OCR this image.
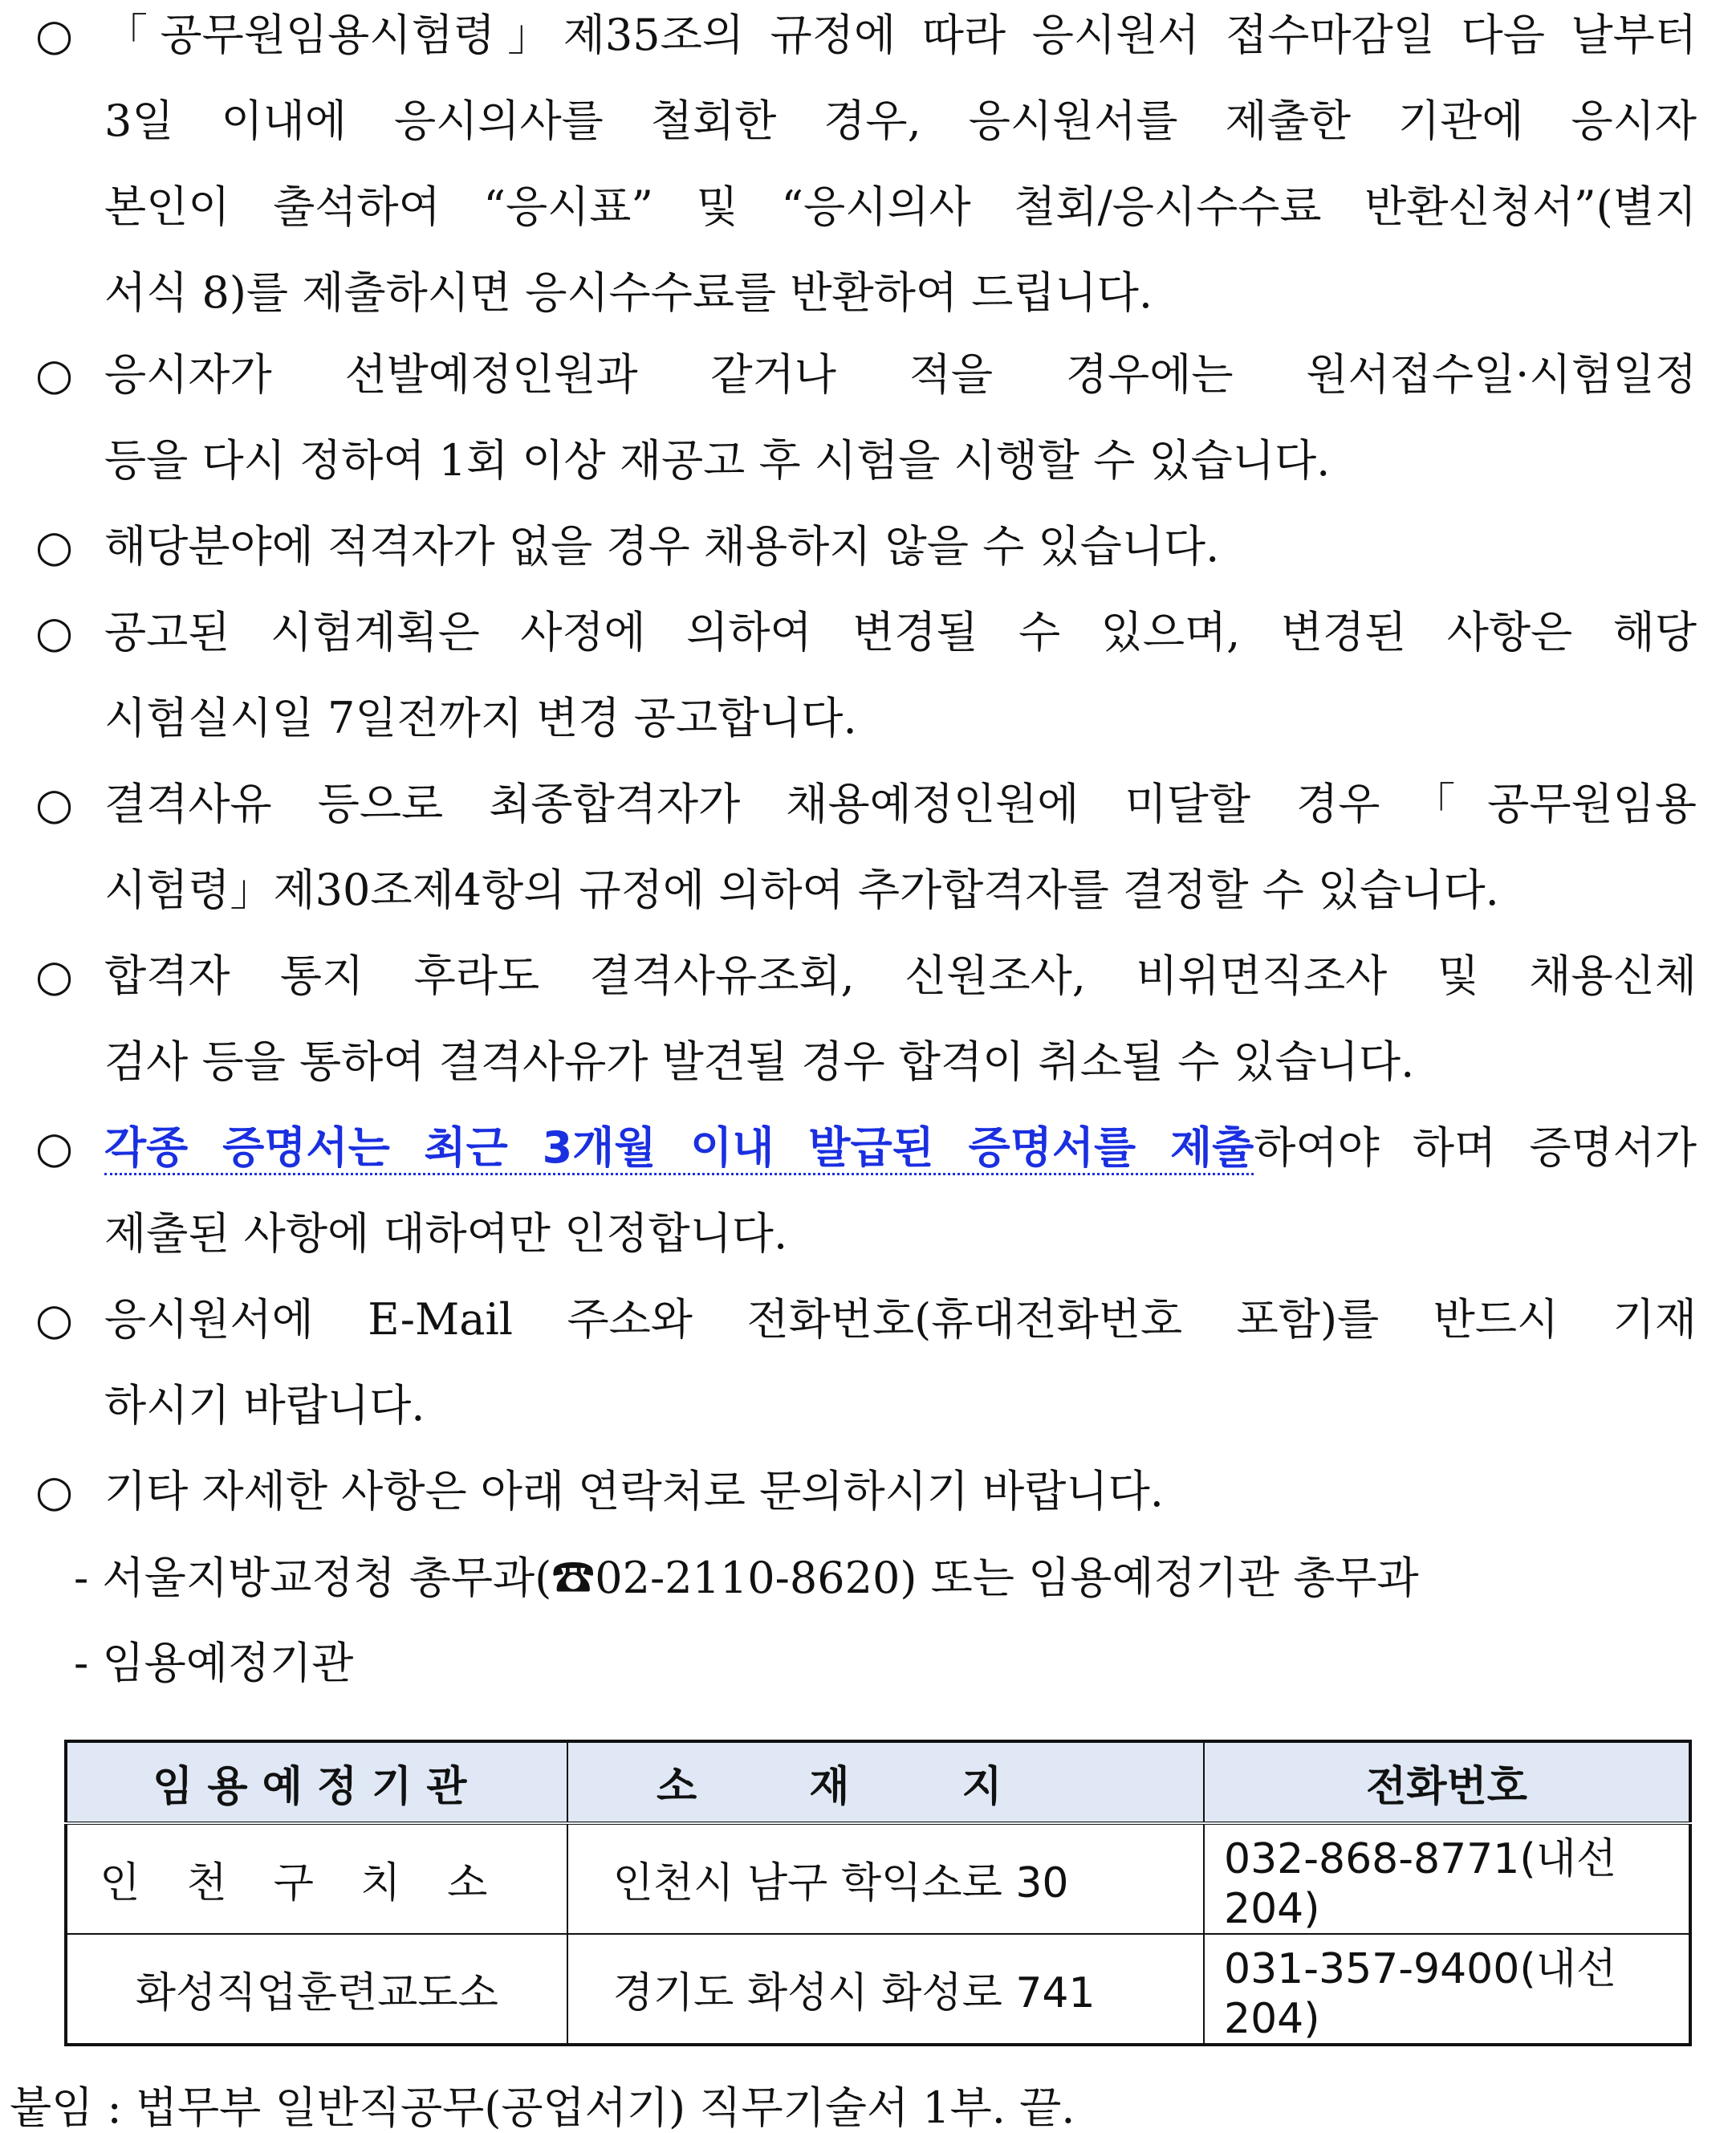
○ 「공무원임용시험령」제35조의 규정에 따라 응시원서 접수마감일 다음 날부터
3일 이내에 응시의사를 철회한 경우, 응시원서를 제출한 기관에 응시자
본인이 출석하여 “응시표” 및 “응시의사 철회/응시수수료 반환신청서”(별지
서식 8)를 제출하시면 응시수수료를 반환하여 드립니다.
○ 응시자가 선발예정인원과 같거나 적을 경우에는 원서접수일·시험일정
등을 다시 정하여 1회 이상 재공고 후 시험을 시행할 수 있습니다.
○ 해당분야에 적격자가 없을 경우 채용하지 않을 수 있습니다.
○ 공고된 시험계획은 사정에 의하여 변경될 수 있으며, 변경된 사항은 해당
시험실시일 7일전까지 변경 공고합니다.
○ 결격사유 등으로 최종합격자가 채용예정인원에 미달할 경우「공무원임용
시험령」제30조제4항의 규정에 의하여 추가합격자를 결정할 수 있습니다.
○ 합격자 통지 후라도 결격사유조회, 신원조사, 비위면직조사 및 채용신체
검사 등을 통하여 결격사유가 발견될 경우 합격이 취소될 수 있습니다.
○ 각종 증명서는 최근 3개월 이내 발급된 증명서를 제출하여야 하며 증명서가
제출된 사항에 대하여만 인정합니다.
○ 응시원서에 E-Mail 주소와 전화번호(휴대전화번호 포함)를 반드시 기재
하시기 바랍니다.
○ 기타 자세한 사항은 아래 연락처로 문의하시기 바랍니다.
- 서울지방교정청 총무과(☎02-2110-8620) 또는 임용예정기관 총무과
- 임용예정기관
임용예정기관	소재지	전화번호
인천구치소	인천시 남구 학익소로 30	032-868-8771(내선 204)
화성직업훈련교도소	경기도 화성시 화성로 741	031-357-9400(내선 204)
붙임 : 법무부 일반직공무(공업서기) 직무기술서 1부. 끝.
